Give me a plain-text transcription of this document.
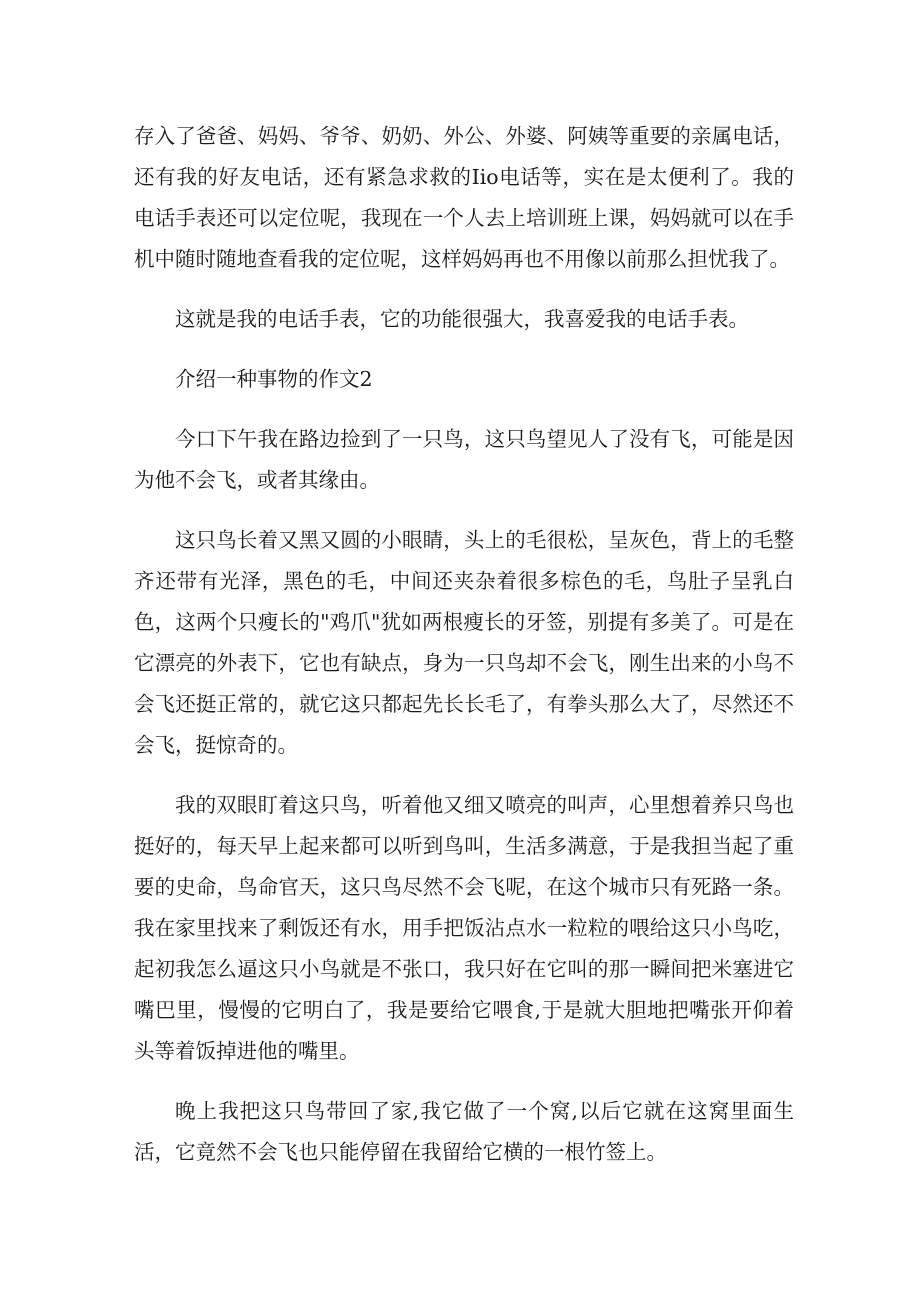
存入了爸爸、妈妈、爷爷、奶奶、外公、外婆、阿姨等重要的亲属电话，还有我的好友电话，还有紧急求救的Iio电话等，实在是太便利了。我的电话手表还可以定位呢，我现在一个人去上培训班上课，妈妈就可以在手机中随时随地查看我的定位呢，这样妈妈再也不用像以前那么担忧我了。

这就是我的电话手表，它的功能很强大，我喜爱我的电话手表。

介绍一种事物的作文2

今口下午我在路边捡到了一只鸟，这只鸟望见人了没有飞，可能是因为他不会飞，或者其缘由。

这只鸟长着又黑又圆的小眼睛，头上的毛很松，呈灰色，背上的毛整齐还带有光泽，黑色的毛，中间还夹杂着很多棕色的毛，鸟肚子呈乳白色，这两个只瘦长的"鸡爪"犹如两根瘦长的牙签，别提有多美了。可是在它漂亮的外表下，它也有缺点，身为一只鸟却不会飞，刚生出来的小鸟不会飞还挺正常的，就它这只都起先长长毛了，有拳头那么大了，尽然还不会飞，挺惊奇的。

我的双眼盯着这只鸟，听着他又细又喷亮的叫声，心里想着养只鸟也挺好的，每天早上起来都可以听到鸟叫，生活多满意，于是我担当起了重要的史命，鸟命官天，这只鸟尽然不会飞呢，在这个城市只有死路一条。我在家里找来了剩饭还有水，用手把饭沾点水一粒粒的喂给这只小鸟吃，起初我怎么逼这只小鸟就是不张口，我只好在它叫的那一瞬间把米塞进它嘴巴里，慢慢的它明白了，我是要给它喂食,于是就大胆地把嘴张开仰着头等着饭掉进他的嘴里。

晚上我把这只鸟带回了家,我它做了一个窝,以后它就在这窝里面生活，它竟然不会飞也只能停留在我留给它横的一根竹签上。
